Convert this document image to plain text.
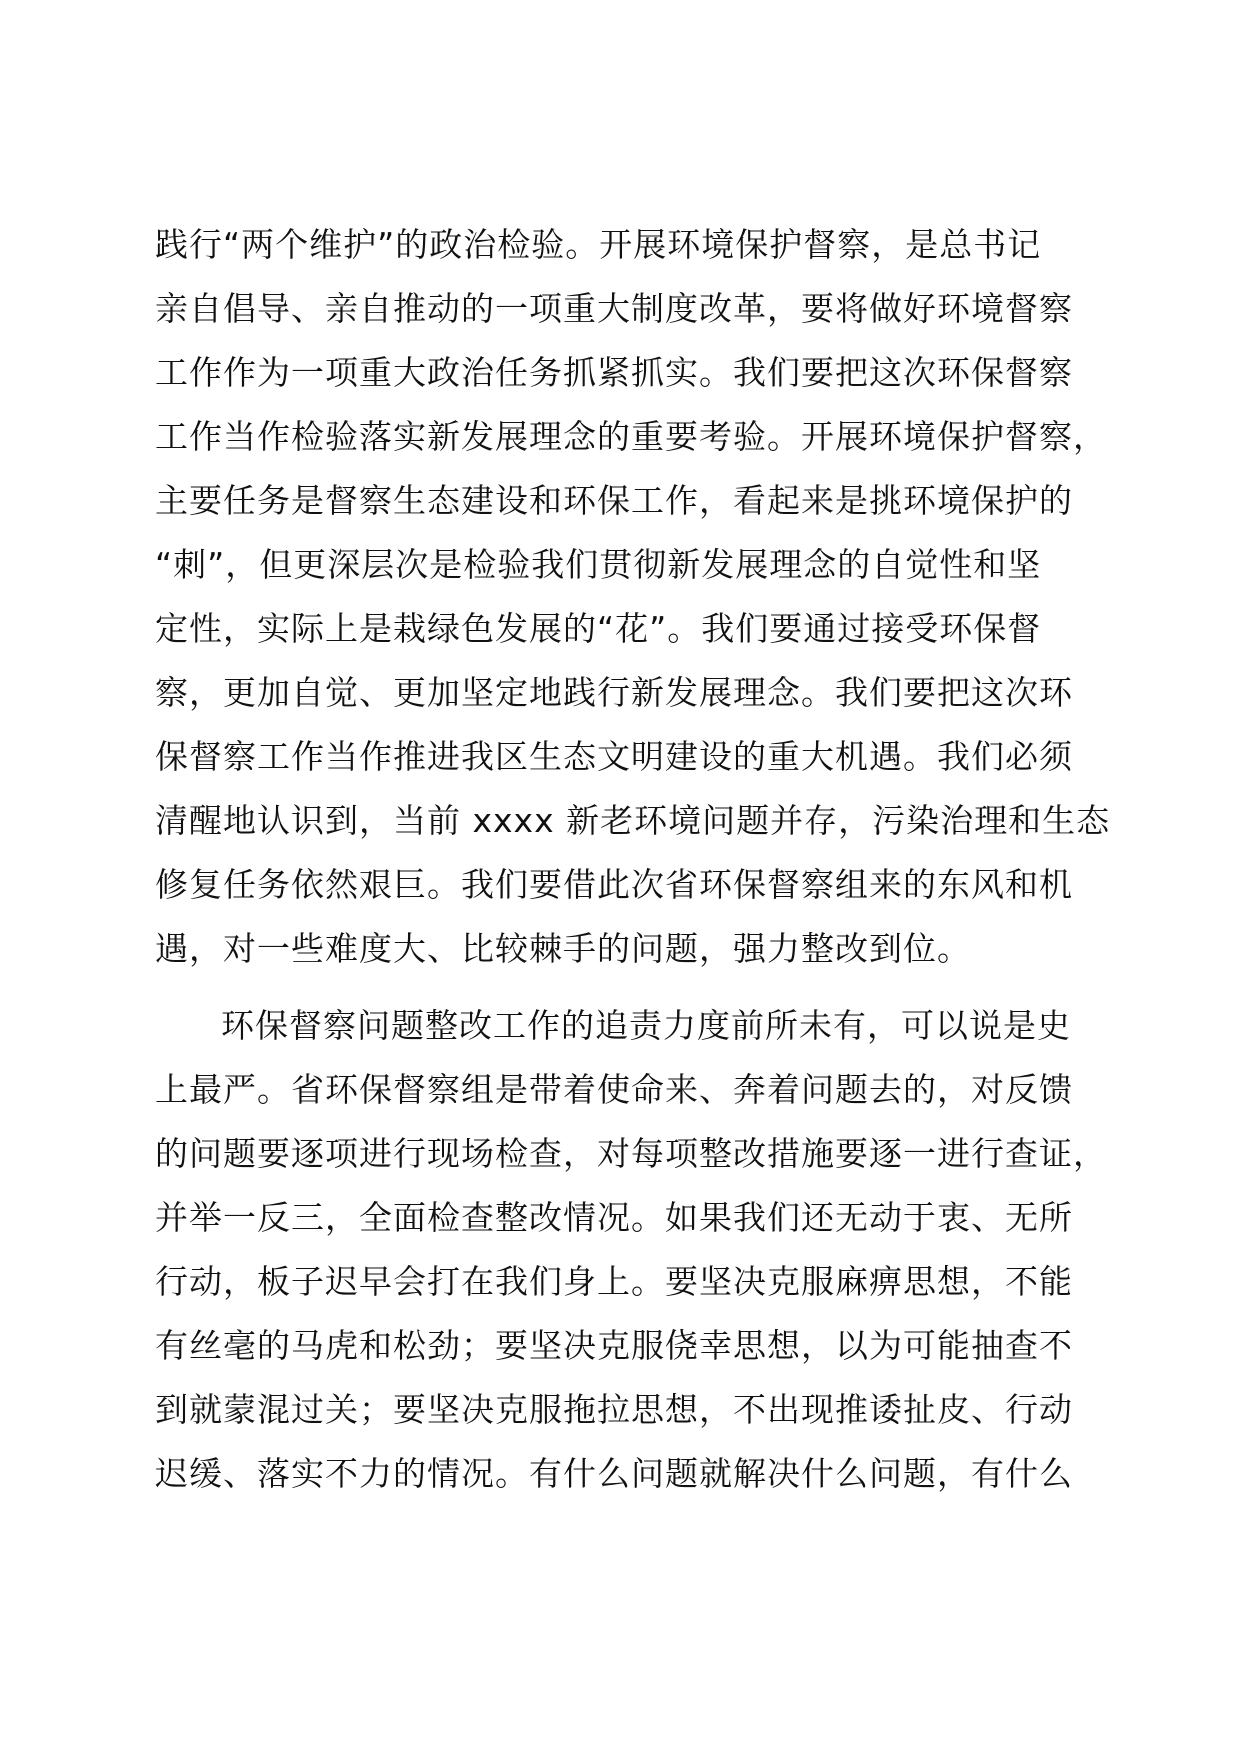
践行“两个维护”的政治检验。开展环境保护督察，是总书记
亲自倡导、亲自推动的一项重大制度改革，要将做好环境督察
工作作为一项重大政治任务抓紧抓实。我们要把这次环保督察
工作当作检验落实新发展理念的重要考验。开展环境保护督察，
主要任务是督察生态建设和环保工作，看起来是挑环境保护的
“刺”，但更深层次是检验我们贯彻新发展理念的自觉性和坚
定性，实际上是栽绿色发展的“花”。我们要通过接受环保督
察，更加自觉、更加坚定地践行新发展理念。我们要把这次环
保督察工作当作推进我区生态文明建设的重大机遇。我们必须
清醒地认识到，当前 xxxx 新老环境问题并存，污染治理和生态
修复任务依然艰巨。我们要借此次省环保督察组来的东风和机
遇，对一些难度大、比较棘手的问题，强力整改到位。
环保督察问题整改工作的追责力度前所未有，可以说是史
上最严。省环保督察组是带着使命来、奔着问题去的，对反馈
的问题要逐项进行现场检查，对每项整改措施要逐一进行查证，
并举一反三，全面检查整改情况。如果我们还无动于衷、无所
行动，板子迟早会打在我们身上。要坚决克服麻痹思想，不能
有丝毫的马虎和松劲；要坚决克服侥幸思想，以为可能抽查不
到就蒙混过关；要坚决克服拖拉思想，不出现推诿扯皮、行动
迟缓、落实不力的情况。有什么问题就解决什么问题，有什么
